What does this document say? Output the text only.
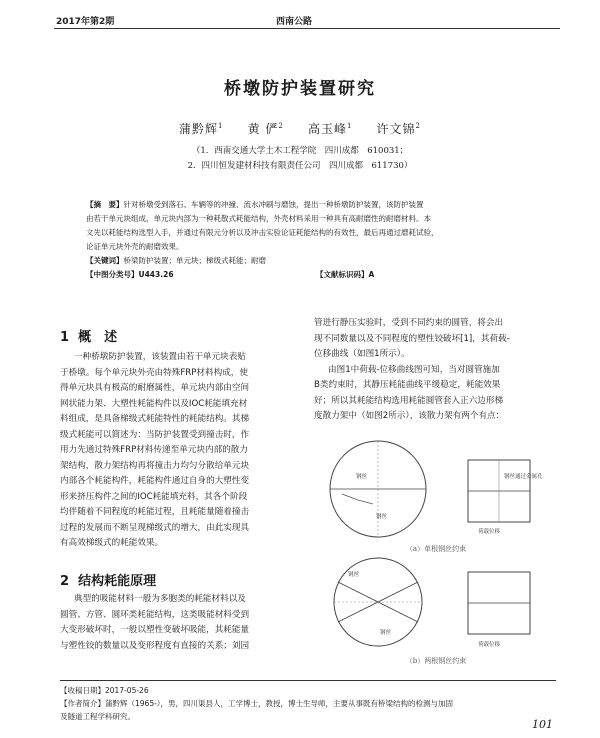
2017年第2期	西南公路
桥墩防护装置研究
蒲黔辉$^1$ 黄 俨$^2$ 高玉峰$^1$ 许文锦$^2$
（1．西南交通大学土木工程学院　四川成都　610031；
2．四川恒发建材科技有限责任公司　四川成都　611730）
【摘　要】针对桥墩受到落石、车辆等的冲撞、流水冲刷与磨蚀，提出一种桥墩防护装置，该防护装置
由若干单元块组成，单元块内部为一种耗散式耗能结构，外壳材料采用一种具有高耐磨性的耐磨材料。本
文先以耗能结构选型入手，并通过有限元分析以及冲击实验论证耗能结构的有效性，最后再通过磨耗试验，
论证单元块外壳的耐磨效果。
【关键词】桥梁防护装置；单元块；梯级式耗能；耐磨
【中图分类号】U443.26	【文献标识码】A
1 概　述

一种桥墩防护装置，该装置由若干单元块表贴

于桥墩。每个单元块外壳由特殊FRP材料构成，使

得单元块具有极高的耐磨属性，单元块内部由空间

网状能力架、大塑性耗能构件以及IOC耗能填充材

料组成，是具备梯级式耗能特性的耗能结构。其梯

级式耗能可以简述为：当防护装置受到撞击时，作

用力先通过特殊FRP材料传递至单元块内部的散力

架结构，散力架结构再将撞击力均匀分散给单元块

内部各个耗能构件，耗能构件通过自身的大塑性变

形来挤压构件之间的IOC耗能填充料，其各个阶段

均伴随着不同程度的耗能过程，且耗能量随着撞击

过程的发展而不断呈现梯级式的增大，由此实现具

有高效梯级式的耗能效果。

2 结构耗能原理

典型的吸能材料一般为多胞类的耗能材料以及

圆管、方管、圆环类耗能结构，这类吸能材料受到

大变形破坏时，一般以塑性变破坏吸能，其耗能量

与塑性铰的数量以及变形程度有直接的关系；刘园

管进行静压实验时，受到不同约束的圆管，将会出

现不同数量以及不同程度的塑性铰破坏[1]，其荷载-

位移曲线（如图1所示）。

由图1中荷载-位移曲线图可知，当对圆管施加

B类约束时，其静压耗能曲线平缓稳定，耗能效果

好；所以其耗能结构选用耗能圆管套入正六边形梯

度散力架中（如图2所示），该散力架有两个有点：

钢丝
钢丝
荷载位移
钢丝通过金属孔
（a）单根钢丝约束
钢丝
钢丝
荷载位移
（b）两根钢丝约束
【收稿日期】2017-05-26
【作者简介】蒲黔辉（1965-），男，四川渠县人，工学博士，教授，博士生导师，主要从事既有桥梁结构的检测与加固
及隧道工程学科研究。
101
